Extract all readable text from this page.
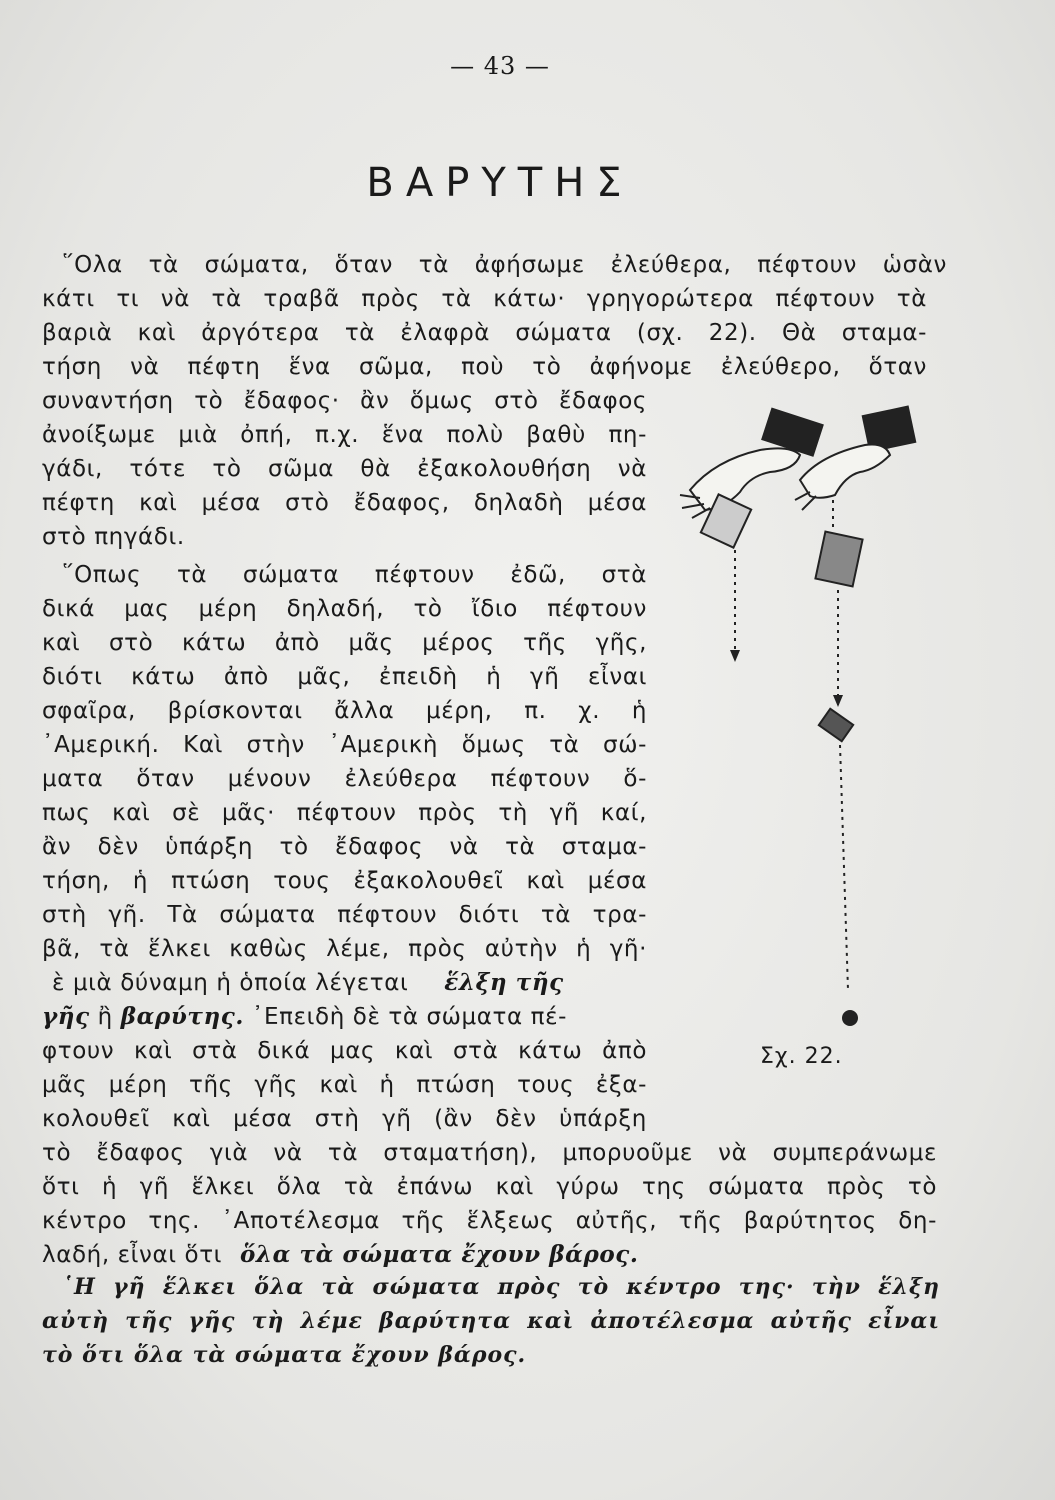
— 43 —
ΒΑΡΥΤΗΣ
῞Ολα τὰ σώματα, ὅταν τὰ ἀφήσωμε ἐλεύθερα, πέφτουν ὡσὰν
κάτι τι νὰ τὰ τραβᾶ πρὸς τὰ κάτω· γρηγορώτερα πέφτουν τὰ
βαριὰ καὶ ἀργότερα τὰ ἐλαφρὰ σώματα (σχ. 22). Θὰ σταμα-
τήση νὰ πέφτη ἕνα σῶμα, ποὺ τὸ ἀφήνομε ἐλεύθερο, ὅταν
συναντήση τὸ ἔδαφος· ἂν ὅμως στὸ ἔδαφος
ἀνοίξωμε μιὰ ὀπή, π.χ. ἕνα πολὺ βαθὺ πη-
γάδι, τότε τὸ σῶμα θὰ ἐξακολουθήση νὰ
πέφτη καὶ μέσα στὸ ἔδαφος, δηλαδὴ μέσα
στὸ πηγάδι.
῞Οπως τὰ σώματα πέφτουν ἐδῶ, στὰ
δικά μας μέρη δηλαδή, τὸ ἴδιο πέφτουν
καὶ στὸ κάτω ἀπὸ μᾶς μέρος τῆς γῆς,
διότι κάτω ἀπὸ μᾶς, ἐπειδὴ ἡ γῆ εἶναι
σφαῖρα, βρίσκονται ἄλλα μέρη, π. χ. ἡ
᾿Αμερική. Καὶ στὴν ᾿Αμερικὴ ὅμως τὰ σώ-
ματα ὅταν μένουν ἐλεύθερα πέφτουν ὅ-
πως καὶ σὲ μᾶς· πέφτουν πρὸς τὴ γῆ καί,
ἂν δὲν ὑπάρξη τὸ ἔδαφος νὰ τὰ σταμα-
τήση, ἡ πτώση τους ἐξακολουθεῖ καὶ μέσα
στὴ γῆ. Τὰ σώματα πέφτουν διότι τὰ τρα-
βᾶ, τὰ ἕλκει καθὼς λέμε, πρὸς αὐτὴν ἡ γῆ·
ὲ μιὰ δύναμη ἡ ὁποία λέγεται ἕλξη τῆς
γῆς ἢ βαρύτης. ᾿Επειδὴ δὲ τὰ σώματα πέ-
φτουν καὶ στὰ δικά μας καὶ στὰ κάτω ἀπὸ
μᾶς μέρη τῆς γῆς καὶ ἡ πτώση τους ἐξα-
κολουθεῖ καὶ μέσα στὴ γῆ (ἂν δὲν ὑπάρξη
τὸ ἔδαφος γιὰ νὰ τὰ σταματήση), μπορυοῦμε νὰ συμπεράνωμε
ὅτι ἡ γῆ ἕλκει ὅλα τὰ ἐπάνω καὶ γύρω της σώματα πρὸς τὸ
κέντρο της. ᾿Αποτέλεσμα τῆς ἕλξεως αὐτῆς, τῆς βαρύτητος δη-
λαδή, εἶναι ὅτι ὅλα τὰ σώματα ἔχουν βάρος.
῾Η γῆ ἕλκει ὅλα τὰ σώματα πρὸς τὸ κέντρο της· τὴν ἕλξη
αὐτὴ τῆς γῆς τὴ λέμε βαρύτητα καὶ ἀποτέλεσμα αὐτῆς εἶναι
τὸ ὅτι ὅλα τὰ σώματα ἔχουν βάρος.
Σχ. 22.
